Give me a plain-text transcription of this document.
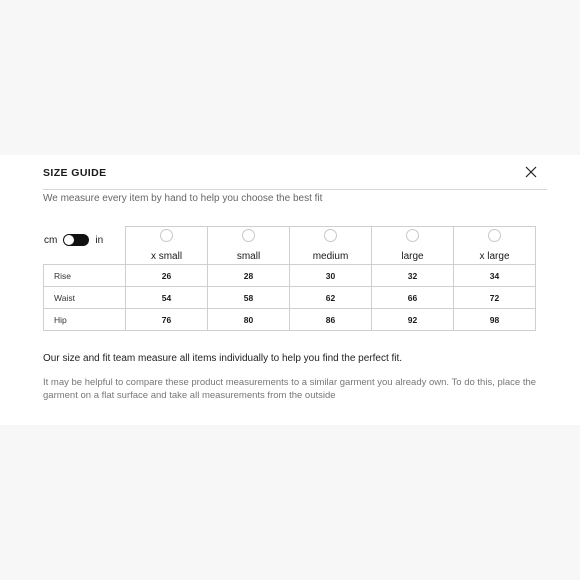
SIZE GUIDE
We measure every item by hand to help you choose the best fit

	x small	small	medium	large	x large

Rise	26	28	30	32	34
Waist	54	58	62	66	72
Hip	76	80	86	92	98
cm	in
Our size and fit team measure all items individually to help you find the perfect fit.
It may be helpful to compare these product measurements to a similar garment you already own. To do this, place the garment on a flat surface and take all measurements from the outside
